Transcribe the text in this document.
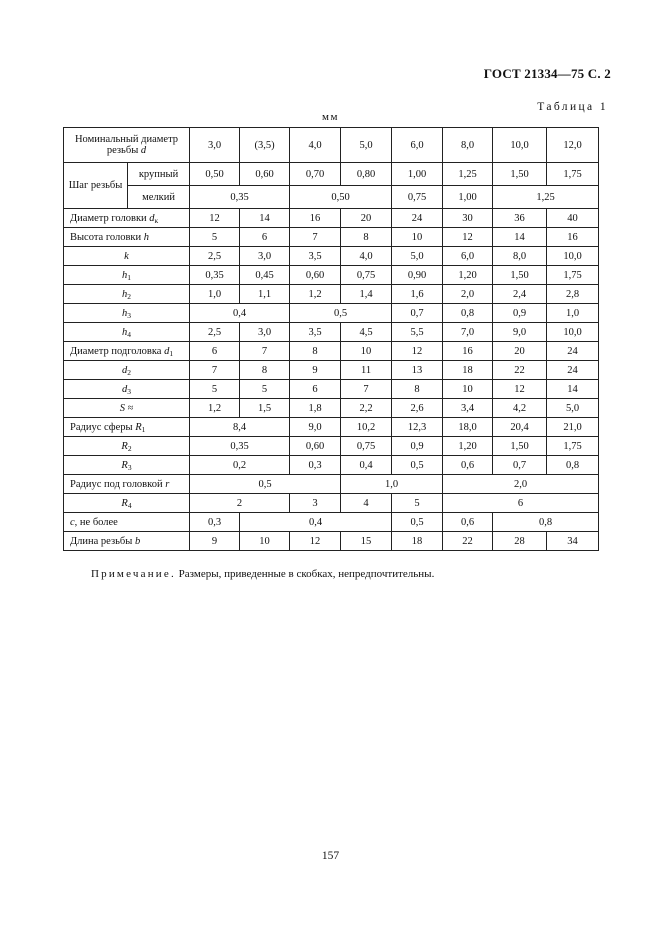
ГОСТ 21334—75 С. 2
Таблица 1
мм
Номинальный диаметр резьбы d		3,0	(3,5)	4,0	5,0	6,0	8,0	10,0	12,0
Шаг резьбы	крупный	0,50	0,60	0,70	0,80	1,00	1,25	1,50	1,75
	мелкий	0,35		0,50		0,75	1,00	1,25	
Диаметр головки $d_к$		12	14	16	20	24	30	36	40
Высота головки h		5	6	7	8	10	12	14	16
k		2,5	3,0	3,5	4,0	5,0	6,0	8,0	10,0
$h_1$		0,35	0,45	0,60	0,75	0,90	1,20	1,50	1,75
$h_2$		1,0	1,1	1,2	1,4	1,6	2,0	2,4	2,8
$h_3$		0,4		0,5		0,7	0,8	0,9	1,0
$h_4$		2,5	3,0	3,5	4,5	5,5	7,0	9,0	10,0
Диаметр подголовка $d_1$		6	7	8	10	12	16	20	24
$d_2$		7	8	9	11	13	18	22	24
$d_3$		5	5	6	7	8	10	12	14
S ≈		1,2	1,5	1,8	2,2	2,6	3,4	4,2	5,0
Радиус сферы $R_1$		8,4		9,0	10,2	12,3	18,0	20,4	21,0
$R_2$		0,35		0,60	0,75	0,9	1,20	1,50	1,75
$R_3$		0,2		0,3	0,4	0,5	0,6	0,7	0,8
Радиус под головкой r		0,5			1,0		2,0		
$R_4$		2		3	4	5	6		
c, не более		0,3	0,4			0,5	0,6	0,8	
Длина резьбы b		9	10	12	15	18	22	28	34
Примечание. Размеры, приведенные в скобках, непредпочтительны.
157
